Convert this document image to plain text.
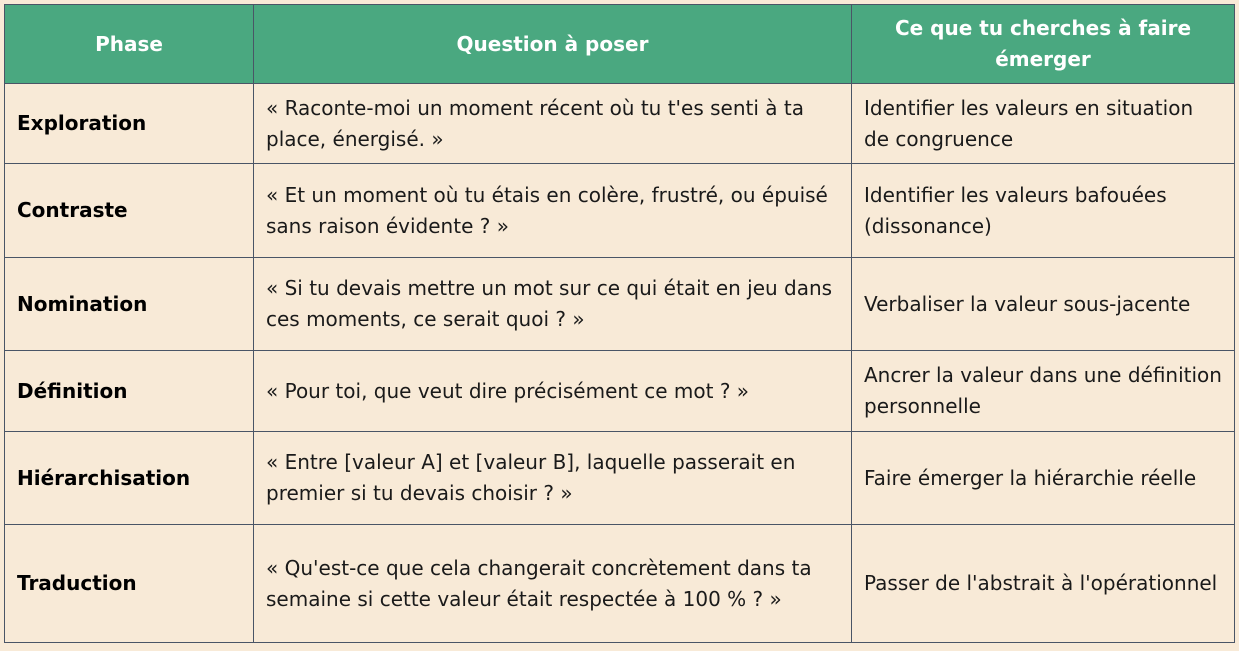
Phase	Question à poser	Ce que tu cherches à faire émerger
Exploration	« Raconte-moi un moment récent où tu t'es senti à ta place, énergisé. »	Identifier les valeurs en situation de congruence
Contraste	« Et un moment où tu étais en colère, frustré, ou épuisé sans raison évidente ? »	Identifier les valeurs bafouées (dissonance)
Nomination	« Si tu devais mettre un mot sur ce qui était en jeu dans ces moments, ce serait quoi ? »	Verbaliser la valeur sous-jacente
Définition	« Pour toi, que veut dire précisément ce mot ? »	Ancrer la valeur dans une définition personnelle
Hiérarchisation	« Entre [valeur A] et [valeur B], laquelle passerait en premier si tu devais choisir ? »	Faire émerger la hiérarchie réelle
Traduction	« Qu'est-ce que cela changerait concrètement dans ta semaine si cette valeur était respectée à 100 % ? »	Passer de l'abstrait à l'opérationnel
